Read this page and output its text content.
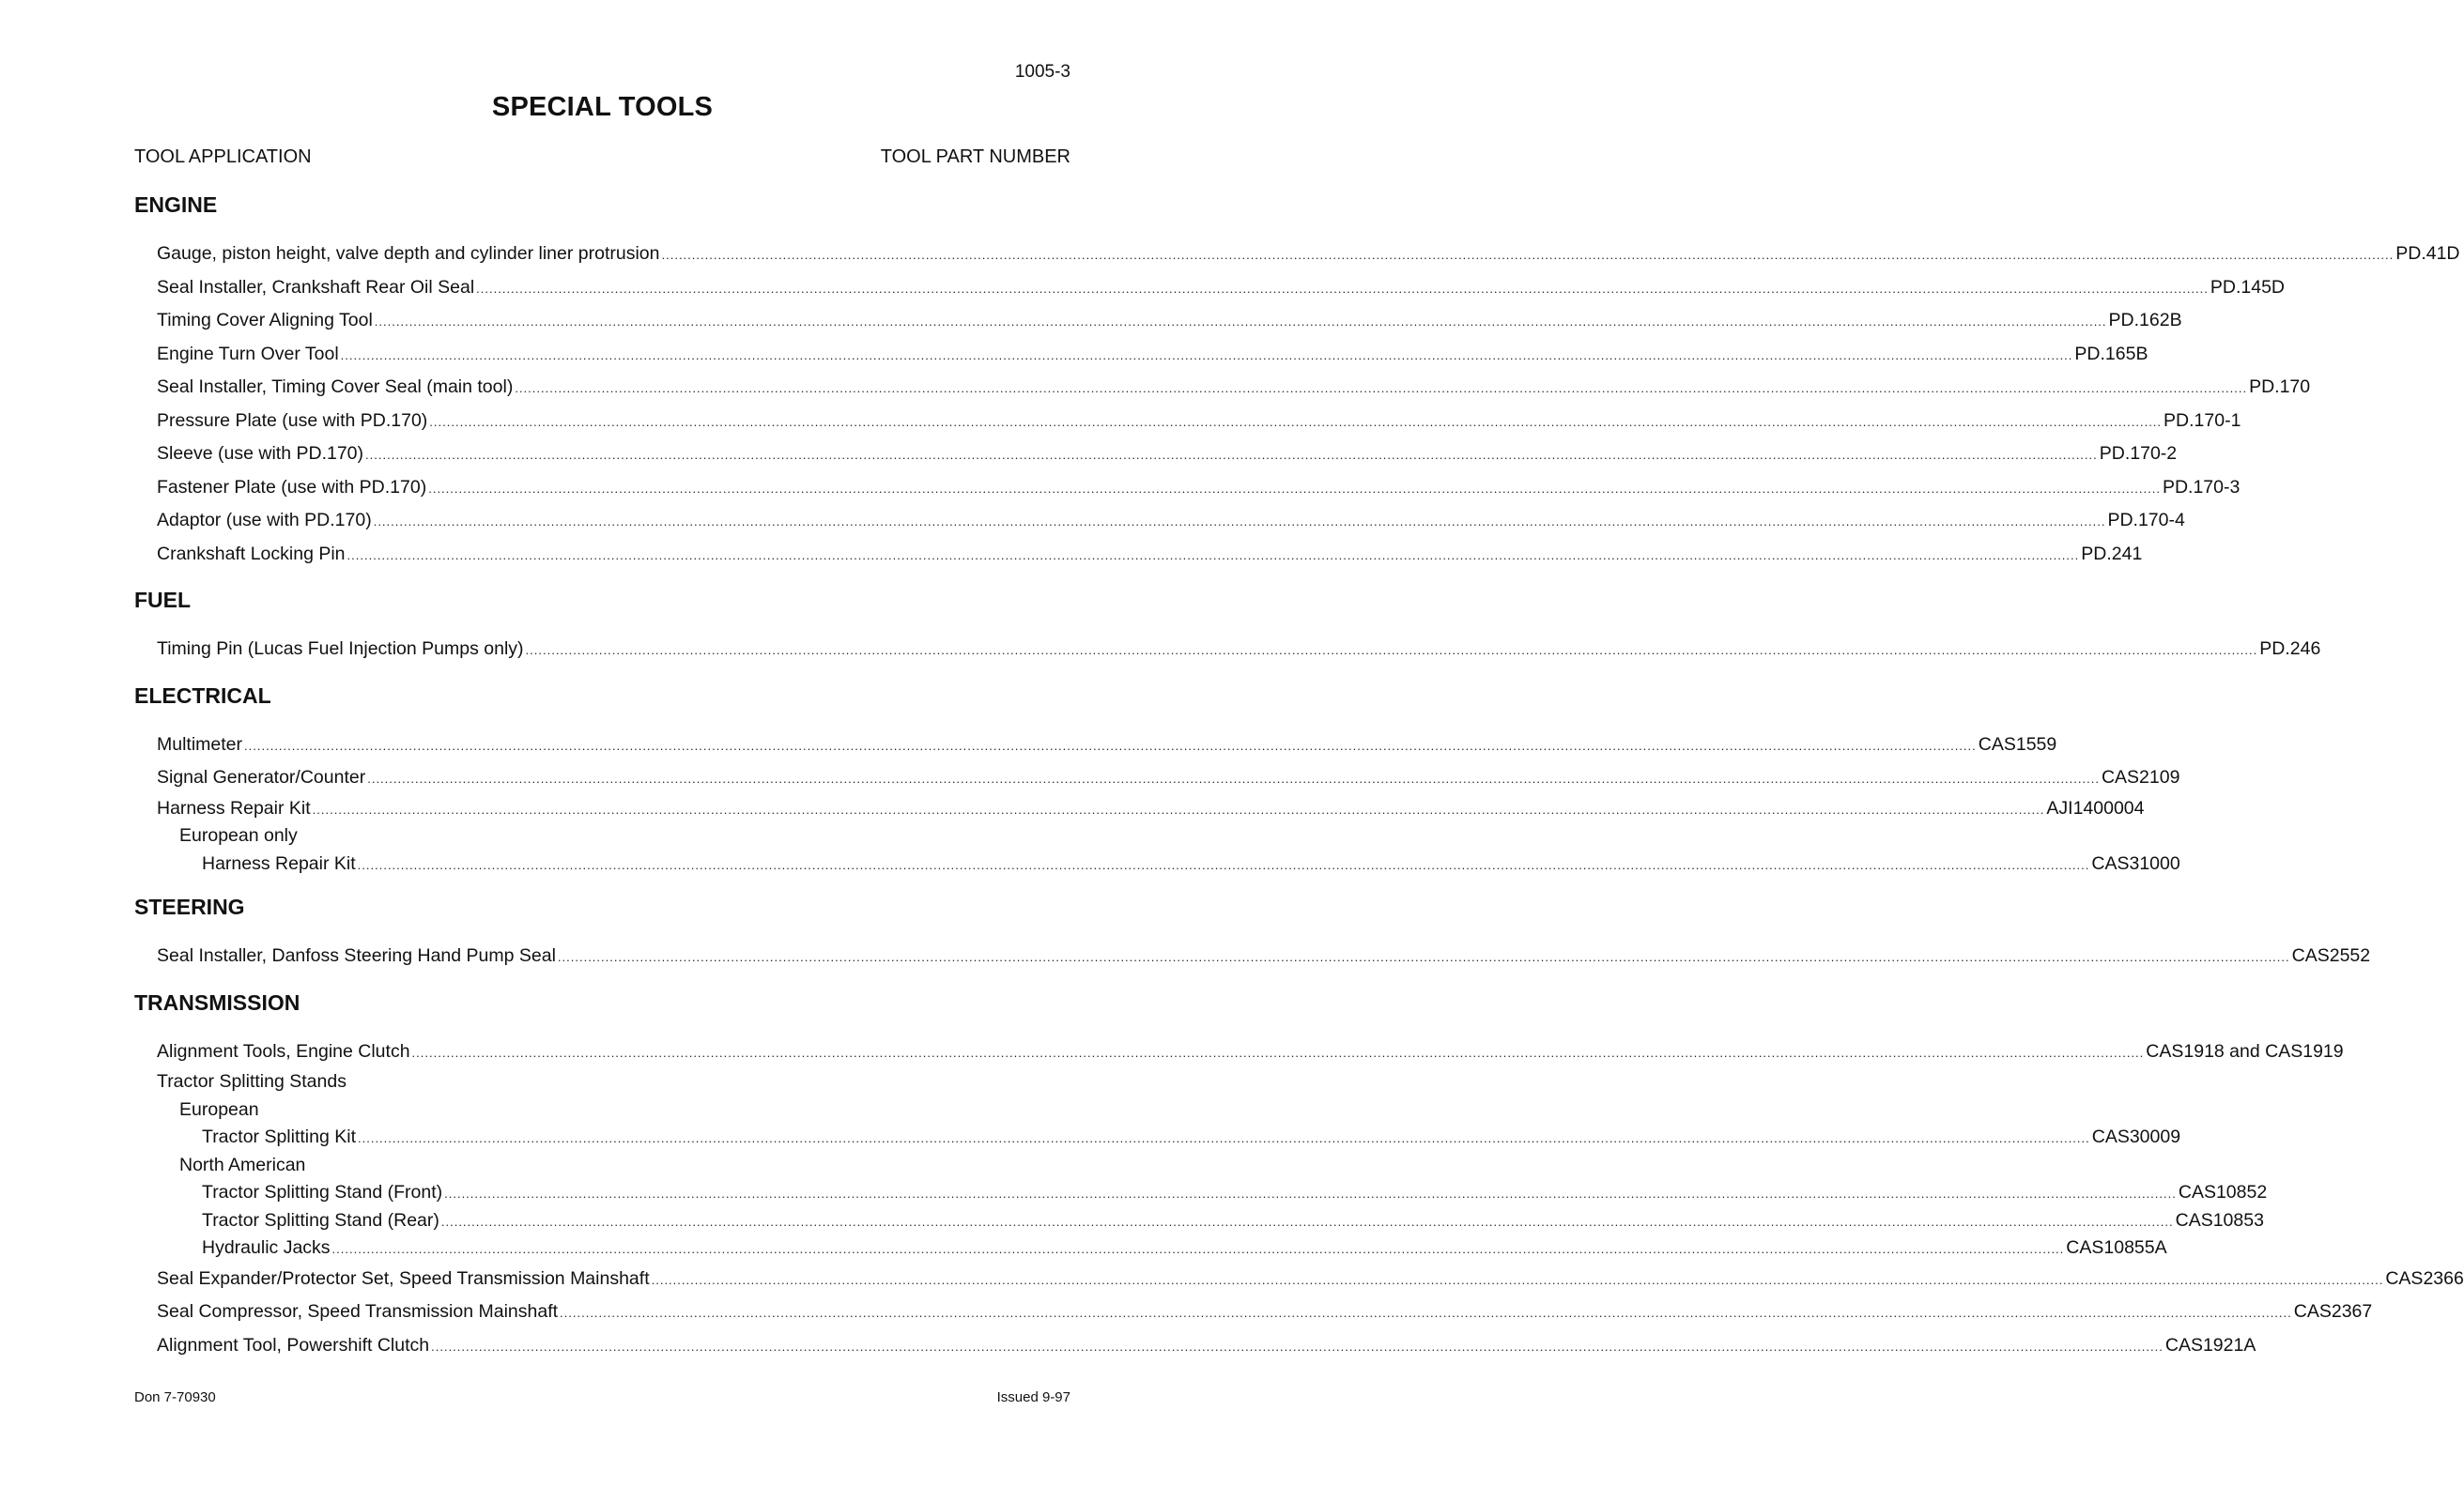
1005-3
SPECIAL TOOLS
TOOL APPLICATION	TOOL PART NUMBER
ENGINE
Gauge, piston height, valve depth and cylinder liner protrusion ................................................................................................................................................................................................................................................................................................................................................................................................................ PD.41D
Seal Installer, Crankshaft Rear Oil Seal ................................................................................................................................................................................................................................................................................................................................................................................................................ PD.145D
Timing Cover Aligning Tool ................................................................................................................................................................................................................................................................................................................................................................................................................ PD.162B
Engine Turn Over Tool ................................................................................................................................................................................................................................................................................................................................................................................................................ PD.165B
Seal Installer, Timing Cover Seal (main tool) ................................................................................................................................................................................................................................................................................................................................................................................................................ PD.170
Pressure Plate (use with PD.170) ................................................................................................................................................................................................................................................................................................................................................................................................................ PD.170-1
Sleeve (use with PD.170) ................................................................................................................................................................................................................................................................................................................................................................................................................ PD.170-2
Fastener Plate (use with PD.170) ................................................................................................................................................................................................................................................................................................................................................................................................................ PD.170-3
Adaptor (use with PD.170) ................................................................................................................................................................................................................................................................................................................................................................................................................ PD.170-4
Crankshaft Locking Pin ................................................................................................................................................................................................................................................................................................................................................................................................................ PD.241
FUEL
Timing Pin (Lucas Fuel Injection Pumps only) ................................................................................................................................................................................................................................................................................................................................................................................................................ PD.246
ELECTRICAL
Multimeter ................................................................................................................................................................................................................................................................................................................................................................................................................ CAS1559
Signal Generator/Counter ................................................................................................................................................................................................................................................................................................................................................................................................................ CAS2109
Harness Repair Kit ................................................................................................................................................................................................................................................................................................................................................................................................................ AJI1400004
European only
Harness Repair Kit ................................................................................................................................................................................................................................................................................................................................................................................................................ CAS31000
STEERING
Seal Installer, Danfoss Steering Hand Pump Seal ................................................................................................................................................................................................................................................................................................................................................................................................................ CAS2552
TRANSMISSION
Alignment Tools, Engine Clutch ................................................................................................................................................................................................................................................................................................................................................................................................................ CAS1918 and CAS1919
Tractor Splitting Stands
European
Tractor Splitting Kit ................................................................................................................................................................................................................................................................................................................................................................................................................ CAS30009
North American
Tractor Splitting Stand (Front) ................................................................................................................................................................................................................................................................................................................................................................................................................ CAS10852
Tractor Splitting Stand (Rear) ................................................................................................................................................................................................................................................................................................................................................................................................................ CAS10853
Hydraulic Jacks ................................................................................................................................................................................................................................................................................................................................................................................................................ CAS10855A
Seal Expander/Protector Set, Speed Transmission Mainshaft ................................................................................................................................................................................................................................................................................................................................................................................................................ CAS2366
Seal Compressor, Speed Transmission Mainshaft ................................................................................................................................................................................................................................................................................................................................................................................................................ CAS2367
Alignment Tool, Powershift Clutch ................................................................................................................................................................................................................................................................................................................................................................................................................ CAS1921A
Don 7-70930	Issued 9-97
